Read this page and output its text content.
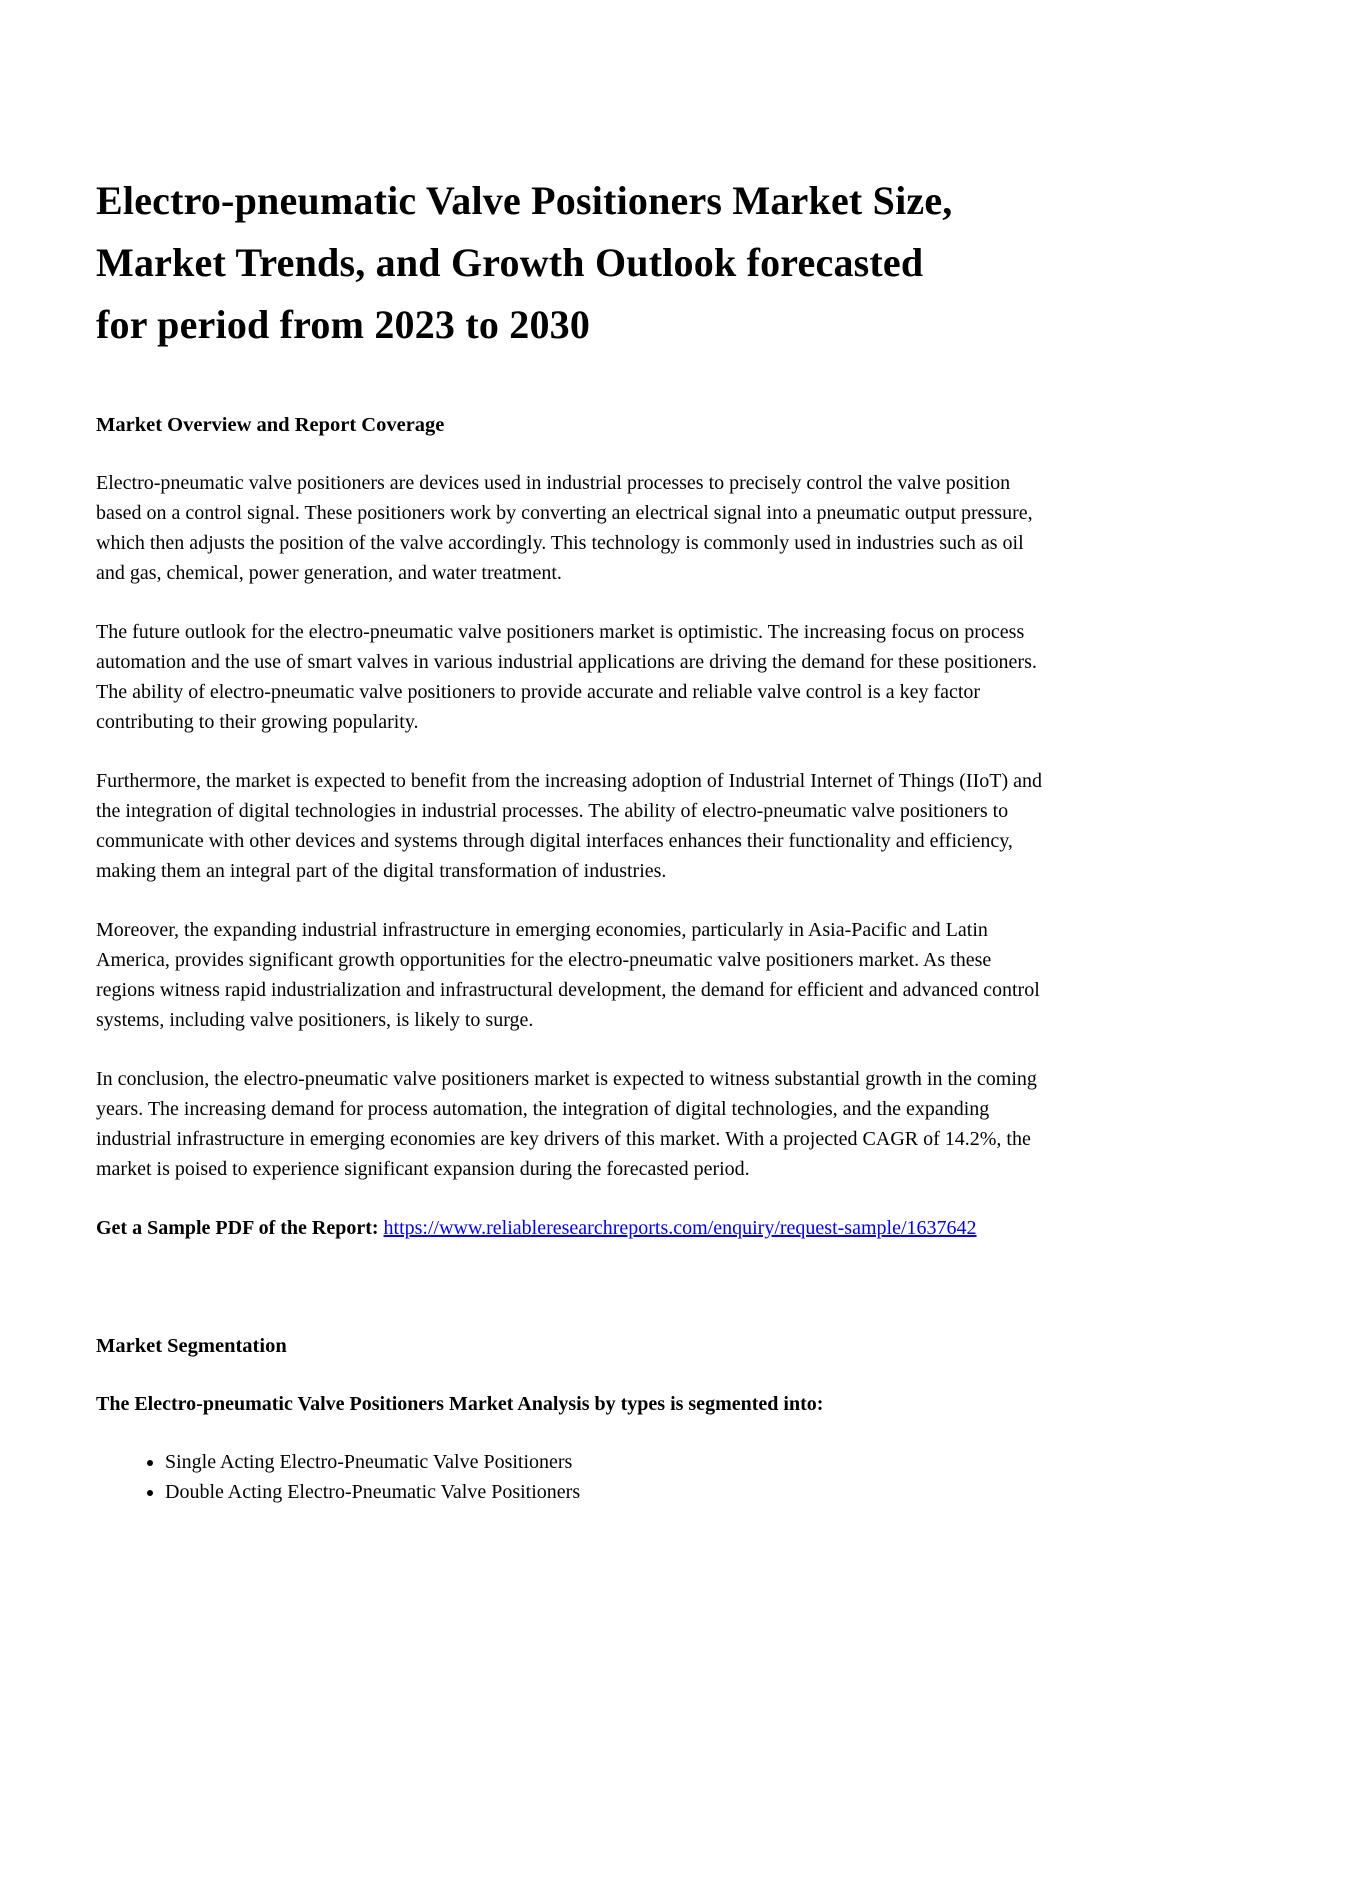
Electro-pneumatic Valve Positioners Market Size,
Market Trends, and Growth Outlook forecasted
for period from 2023 to 2030
Market Overview and Report Coverage

Electro-pneumatic valve positioners are devices used in industrial processes to precisely control the valve position based on a control signal. These positioners work by converting an electrical signal into a pneumatic output pressure, which then adjusts the position of the valve accordingly. This technology is commonly used in industries such as oil and gas, chemical, power generation, and water treatment.

The future outlook for the electro-pneumatic valve positioners market is optimistic. The increasing focus on process automation and the use of smart valves in various industrial applications are driving the demand for these positioners. The ability of electro-pneumatic valve positioners to provide accurate and reliable valve control is a key factor contributing to their growing popularity.

Furthermore, the market is expected to benefit from the increasing adoption of Industrial Internet of Things (IIoT) and the integration of digital technologies in industrial processes. The ability of electro-pneumatic valve positioners to communicate with other devices and systems through digital interfaces enhances their functionality and efficiency, making them an integral part of the digital transformation of industries.

Moreover, the expanding industrial infrastructure in emerging economies, particularly in Asia-Pacific and Latin America, provides significant growth opportunities for the electro-pneumatic valve positioners market. As these regions witness rapid industrialization and infrastructural development, the demand for efficient and advanced control systems, including valve positioners, is likely to surge.

In conclusion, the electro-pneumatic valve positioners market is expected to witness substantial growth in the coming years. The increasing demand for process automation, the integration of digital technologies, and the expanding industrial infrastructure in emerging economies are key drivers of this market. With a projected CAGR of 14.2%, the market is poised to experience significant expansion during the forecasted period.

Get a Sample PDF of the Report: https://www.reliableresearchreports.com/enquiry/request-sample/1637642

Market Segmentation

The Electro-pneumatic Valve Positioners Market Analysis by types is segmented into:

• Single Acting Electro-Pneumatic Valve Positioners
• Double Acting Electro-Pneumatic Valve Positioners
